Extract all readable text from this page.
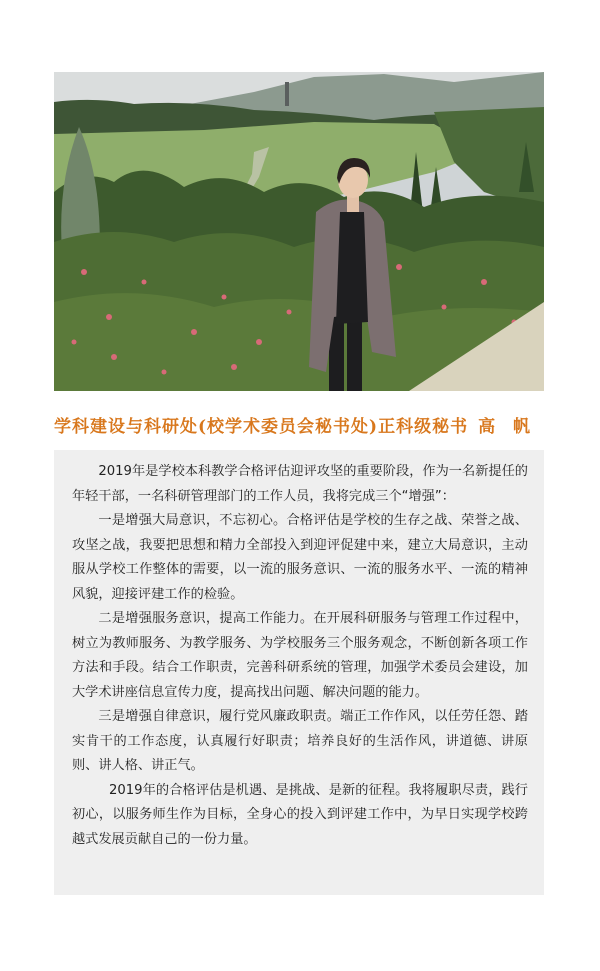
学科建设与科研处(校学术委员会秘书处)正科级秘书 高 帆

2019年是学校本科教学合格评估迎评攻坚的重要阶段，作为一名新提任的年轻干部，一名科研管理部门的工作人员，我将完成三个“增强”：

一是增强大局意识，不忘初心。合格评估是学校的生存之战、荣誉之战、攻坚之战，我要把思想和精力全部投入到迎评促建中来，建立大局意识，主动服从学校工作整体的需要，以一流的服务意识、一流的服务水平、一流的精神风貌，迎接评建工作的检验。

二是增强服务意识，提高工作能力。在开展科研服务与管理工作过程中，树立为教师服务、为教学服务、为学校服务三个服务观念，不断创新各项工作方法和手段。结合工作职责，完善科研系统的管理，加强学术委员会建设，加大学术讲座信息宣传力度，提高找出问题、解决问题的能力。

三是增强自律意识，履行党风廉政职责。端正工作作风，以任劳任怨、踏实肯干的工作态度，认真履行好职责；培养良好的生活作风，讲道德、讲原则、讲人格、讲正气。

2019年的合格评估是机遇、是挑战、是新的征程。我将履职尽责，践行初心，以服务师生作为目标，全身心的投入到评建工作中，为早日实现学校跨越式发展贡献自己的一份力量。
